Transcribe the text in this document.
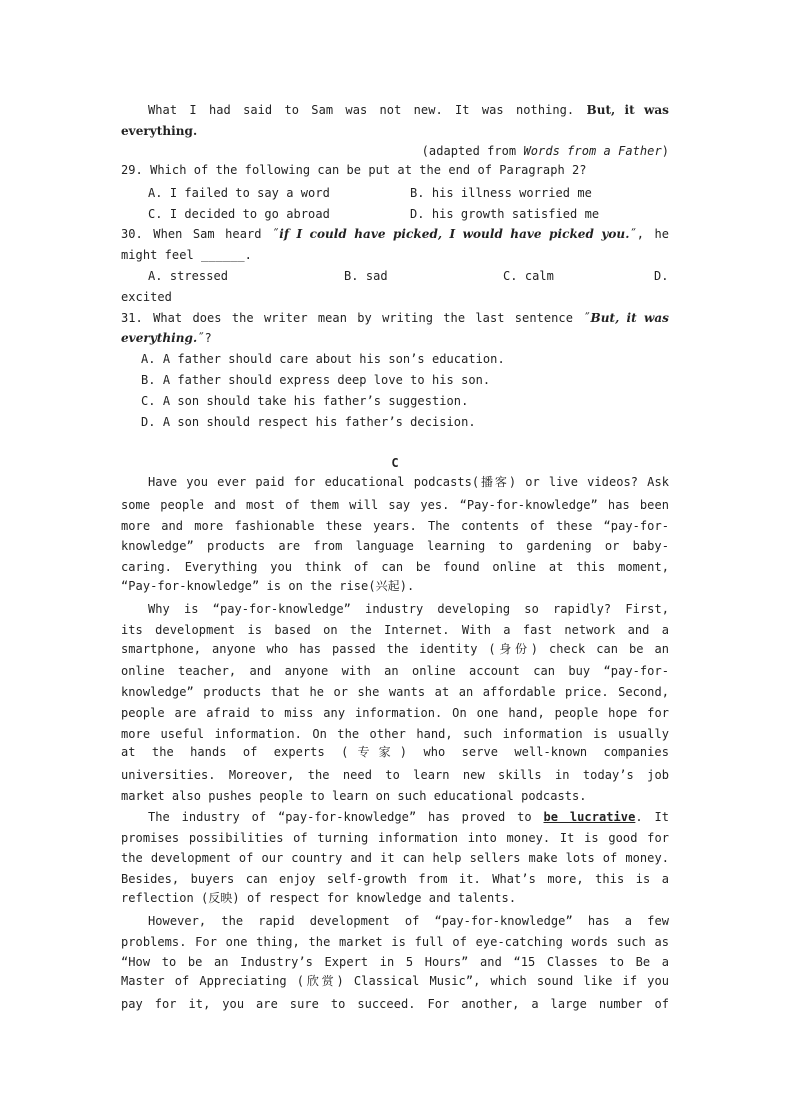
What I had said to Sam was not new. It was nothing. But, it was
everything.
(adapted from Words from a Father)
29. Which of the following can be put at the end of Paragraph 2?
A. I failed to say a word	B. his illness worried me
C. I decided to go abroad	D. his growth satisfied me
30. When Sam heard ˝if I could have picked, I would have picked you.˝, he
might feel ______.
A. stressed	B. sad	C. calm	D.
excited
31. What does the writer mean by writing the last sentence ˝But, it was
everything.˝?
A. A father should care about his son’s education.
B. A father should express deep love to his son.
C. A son should take his father’s suggestion.
D. A son should respect his father’s decision.
C
Have you ever paid for educational podcasts(播客) or live videos? Ask
some people and most of them will say yes. “Pay-for-knowledge” has been
more and more fashionable these years. The contents of these “pay-for-
knowledge” products are from language learning to gardening or baby-
caring. Everything you think of can be found online at this moment,
“Pay-for-knowledge” is on the rise(兴起).
Why is “pay-for-knowledge” industry developing so rapidly? First,
its development is based on the Internet. With a fast network and a
smartphone, anyone who has passed the identity (身份) check can be an
online teacher, and anyone with an online account can buy “pay-for-
knowledge” products that he or she wants at an affordable price. Second,
people are afraid to miss any information. On one hand, people hope for
more useful information. On the other hand, such information is usually
at the hands of experts (专家) who serve well-known companies
universities. Moreover, the need to learn new skills in today’s job
market also pushes people to learn on such educational podcasts.
The industry of “pay-for-knowledge” has proved to be lucrative. It
promises possibilities of turning information into money. It is good for
the development of our country and it can help sellers make lots of money.
Besides, buyers can enjoy self-growth from it. What’s more, this is a
reflection (反映) of respect for knowledge and talents.
However, the rapid development of “pay-for-knowledge” has a few
problems. For one thing, the market is full of eye-catching words such as
“How to be an Industry’s Expert in 5 Hours” and “15 Classes to Be a
Master of Appreciating (欣赏) Classical Music”, which sound like if you
pay for it, you are sure to succeed. For another, a large number of
